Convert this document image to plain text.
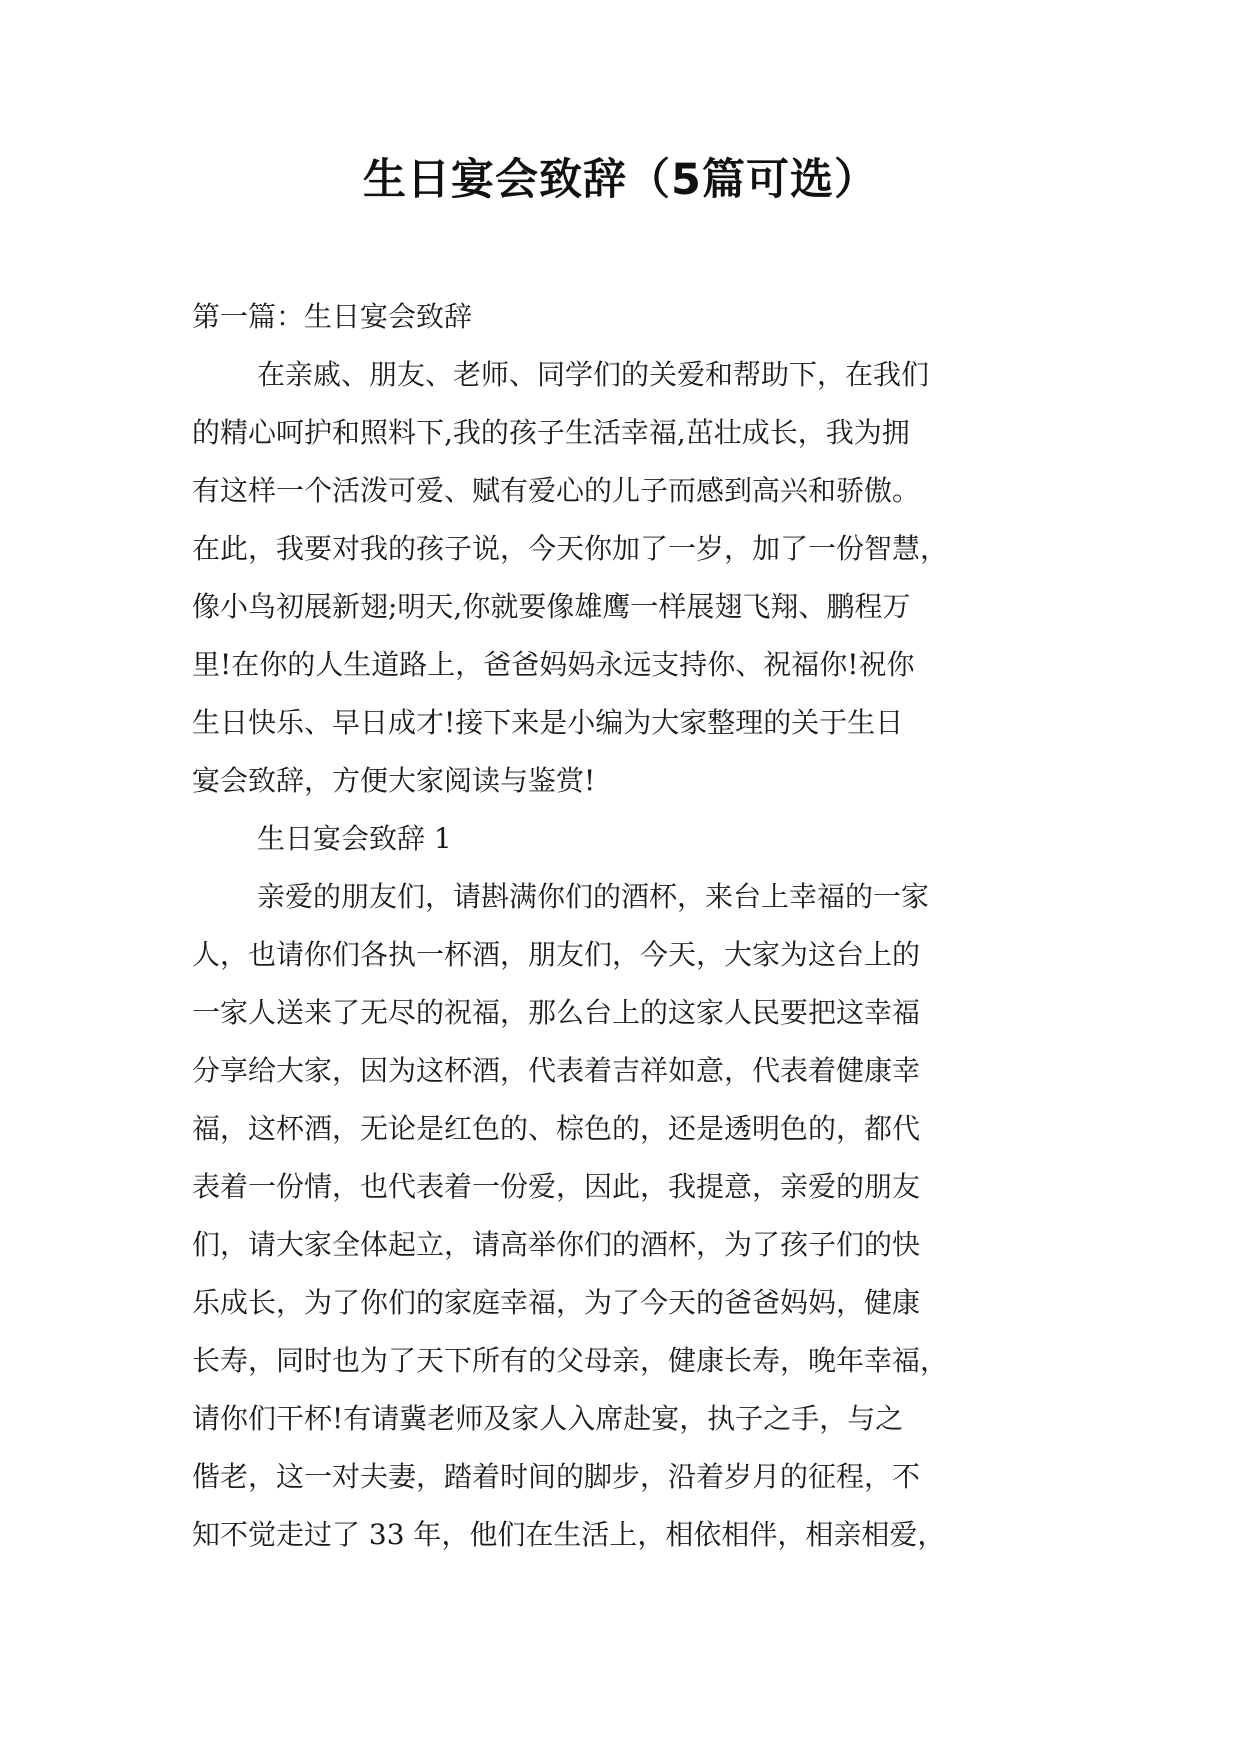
生日宴会致辞（5篇可选）
第一篇：生日宴会致辞
在亲戚、朋友、老师、同学们的关爱和帮助下，在我们
的精心呵护和照料下,我的孩子生活幸福,茁壮成长，我为拥
有这样一个活泼可爱、赋有爱心的儿子而感到高兴和骄傲。
在此，我要对我的孩子说，今天你加了一岁，加了一份智慧，
像小鸟初展新翅;明天,你就要像雄鹰一样展翅飞翔、鹏程万
里!在你的人生道路上，爸爸妈妈永远支持你、祝福你!祝你
生日快乐、早日成才!接下来是小编为大家整理的关于生日
宴会致辞，方便大家阅读与鉴赏!
生日宴会致辞 1
亲爱的朋友们，请斟满你们的酒杯，来台上幸福的一家
人，也请你们各执一杯酒，朋友们，今天，大家为这台上的
一家人送来了无尽的祝福，那么台上的这家人民要把这幸福
分享给大家，因为这杯酒，代表着吉祥如意，代表着健康幸
福，这杯酒，无论是红色的、棕色的，还是透明色的，都代
表着一份情，也代表着一份爱，因此，我提意，亲爱的朋友
们，请大家全体起立，请高举你们的酒杯，为了孩子们的快
乐成长，为了你们的家庭幸福，为了今天的爸爸妈妈，健康
长寿，同时也为了天下所有的父母亲，健康长寿，晚年幸福，
请你们干杯!有请冀老师及家人入席赴宴，执子之手，与之
偕老，这一对夫妻，踏着时间的脚步，沿着岁月的征程，不
知不觉走过了 33 年，他们在生活上，相依相伴，相亲相爱，
